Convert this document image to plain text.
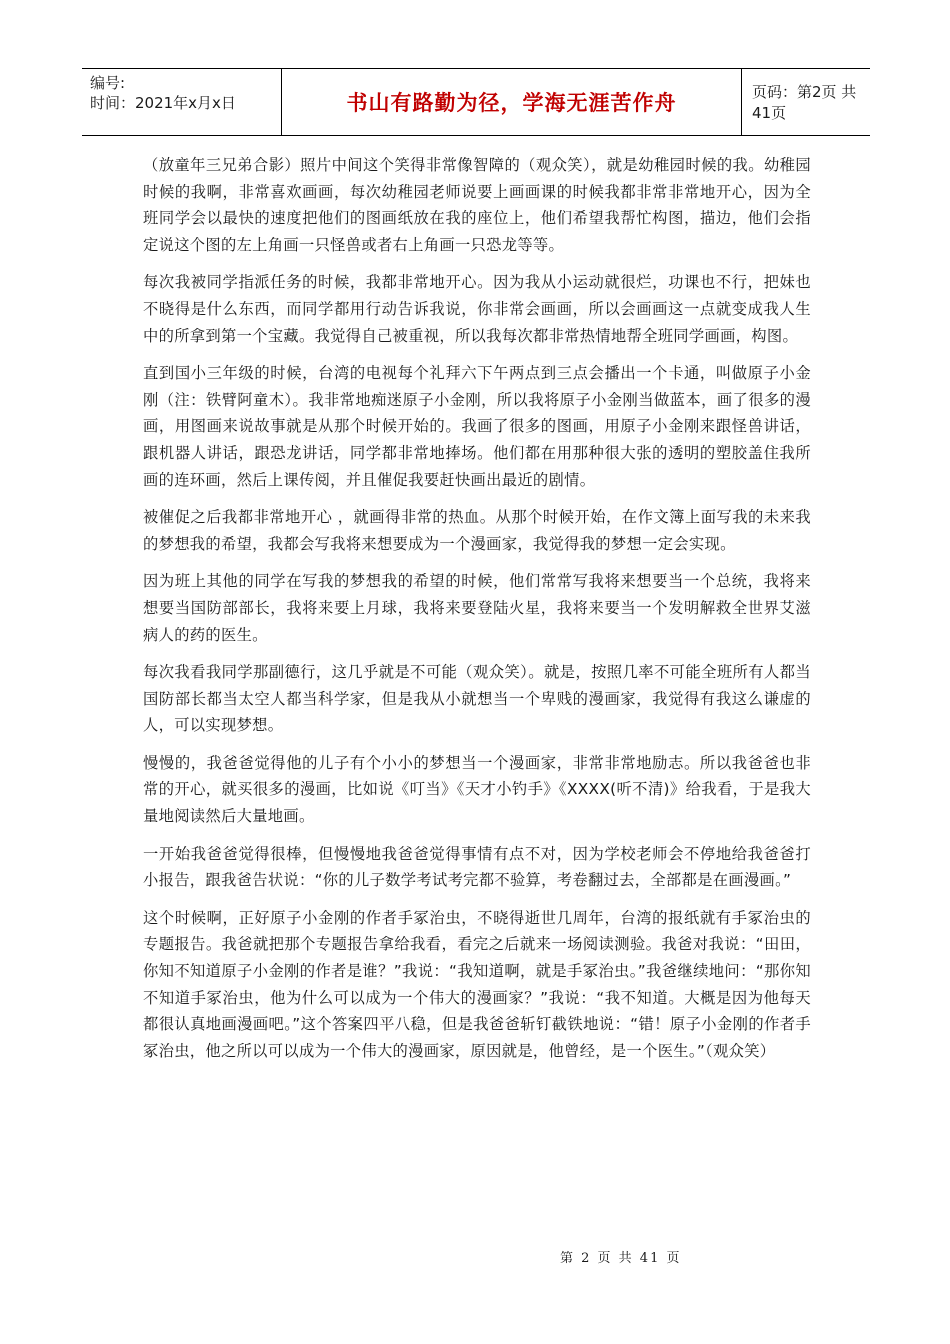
编号:
时间：2021年x月x日	书山有路勤为径，学海无涯苦作舟	页码：第2页 共41页

（放童年三兄弟合影）照片中间这个笑得非常像智障的（观众笑），就是幼稚园时候的我。幼稚园时候的我啊，非常喜欢画画，每次幼稚园老师说要上画画课的时候我都非常非常地开心，因为全班同学会以最快的速度把他们的图画纸放在我的座位上，他们希望我帮忙构图，描边，他们会指定说这个图的左上角画一只怪兽或者右上角画一只恐龙等等。

每次我被同学指派任务的时候，我都非常地开心。因为我从小运动就很烂，功课也不行，把妹也不晓得是什么东西，而同学都用行动告诉我说，你非常会画画，所以会画画这一点就变成我人生中的所拿到第一个宝藏。我觉得自己被重视，所以我每次都非常热情地帮全班同学画画，构图。

直到国小三年级的时候，台湾的电视每个礼拜六下午两点到三点会播出一个卡通，叫做原子小金刚（注：铁臂阿童木）。我非常地痴迷原子小金刚，所以我将原子小金刚当做蓝本，画了很多的漫画，用图画来说故事就是从那个时候开始的。我画了很多的图画，用原子小金刚来跟怪兽讲话，跟机器人讲话，跟恐龙讲话，同学都非常地捧场。他们都在用那种很大张的透明的塑胶盖住我所画的连环画，然后上课传阅，并且催促我要赶快画出最近的剧情。

被催促之后我都非常地开心 ，就画得非常的热血。从那个时候开始，在作文簿上面写我的未来我的梦想我的希望，我都会写我将来想要成为一个漫画家，我觉得我的梦想一定会实现。

因为班上其他的同学在写我的梦想我的希望的时候，他们常常写我将来想要当一个总统，我将来想要当国防部部长，我将来要上月球，我将来要登陆火星，我将来要当一个发明解救全世界艾滋病人的药的医生。

每次我看我同学那副德行，这几乎就是不可能（观众笑）。就是，按照几率不可能全班所有人都当国防部长都当太空人都当科学家，但是我从小就想当一个卑贱的漫画家，我觉得有我这么谦虚的人，可以实现梦想。

慢慢的，我爸爸觉得他的儿子有个小小的梦想当一个漫画家，非常非常地励志。所以我爸爸也非常的开心，就买很多的漫画，比如说《叮当》《天才小钓手》《XXXX(听不清)》给我看，于是我大量地阅读然后大量地画。

一开始我爸爸觉得很棒，但慢慢地我爸爸觉得事情有点不对，因为学校老师会不停地给我爸爸打小报告，跟我爸告状说：“你的儿子数学考试考完都不验算，考卷翻过去，全部都是在画漫画。”

这个时候啊，正好原子小金刚的作者手冢治虫，不晓得逝世几周年，台湾的报纸就有手冢治虫的专题报告。我爸就把那个专题报告拿给我看，看完之后就来一场阅读测验。我爸对我说：“田田，你知不知道原子小金刚的作者是谁？”我说：“我知道啊，就是手冢治虫。”我爸继续地问：“那你知不知道手冢治虫，他为什么可以成为一个伟大的漫画家？”我说：“我不知道。大概是因为他每天都很认真地画漫画吧。”这个答案四平八稳，但是我爸爸斩钉截铁地说：“错！原子小金刚的作者手冢治虫，他之所以可以成为一个伟大的漫画家，原因就是，他曾经，是一个医生。”（观众笑）

第 2 页 共 41 页
